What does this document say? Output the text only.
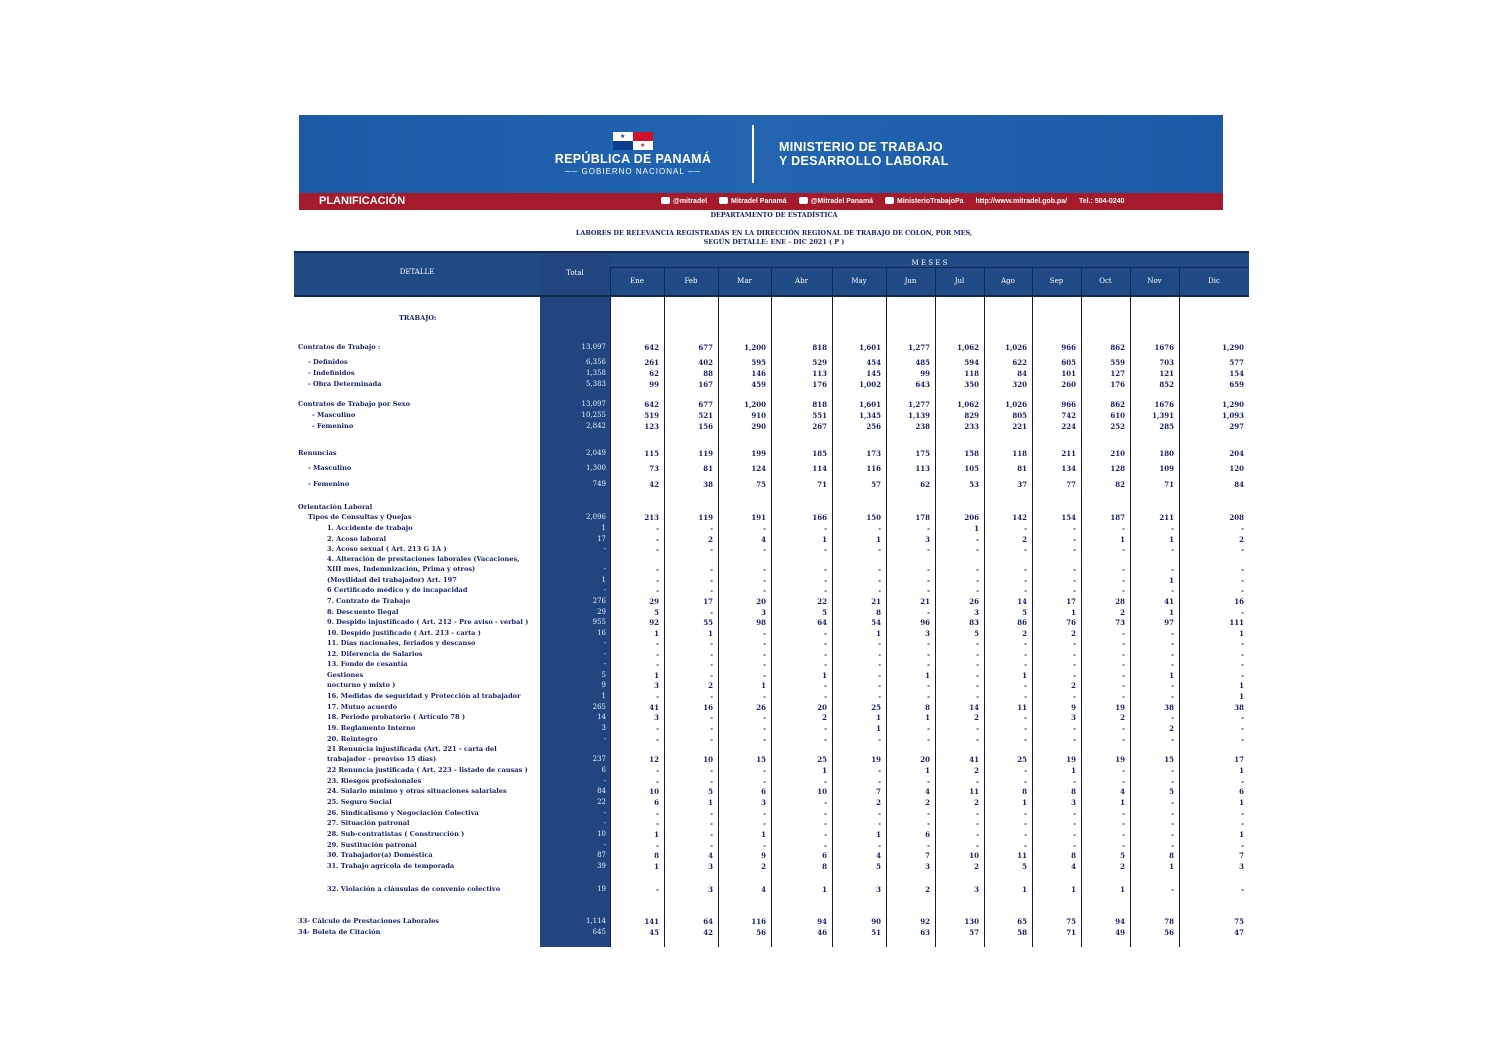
★
★
REPÚBLICA DE PANAMÁ
── GOBIERNO NACIONAL ──
MINISTERIO DE TRABAJO
Y DESARROLLO LABORAL
PLANIFICACIÓN	@mitradel	Mitradel Panamá	@Mitradel Panamá	MinisterioTrabajoPa http://www.mitradel.gob.pa/ Tel.: 504-0240
DEPARTAMENTO DE ESTADÍSTICA
LABORES DE RELEVANCIA REGISTRADAS EN LA DIRECCIÓN REGIONAL DE TRABAJO DE COLON, POR MES,
SEGÚN DETALLE: ENE - DIC 2021 ( P )
DETALLE	Total
M E S E S
Ene	Feb	Mar	Abr	May	Jun	Jul	Ago	Sep	Oct	Nov	Dic
TRABAJO:
Contratos de Trabajo :	13,097	642	677	1,200	818	1,601	1,277	1,062	1,026	966	862	1676	1,290
- Definidos	6,356	261	402	595	529	454	485	594	622	605	559	703	577
- Indefinidos	1,358	62	88	146	113	145	99	118	84	101	127	121	154
- Obra Determinada	5,383	99	167	459	176	1,002	643	350	320	260	176	852	659
Contratos de Trabajo por Sexo	13,097	642	677	1,200	818	1,601	1,277	1,062	1,026	966	862	1676	1,290
- Masculino	10,255	519	521	910	551	1,345	1,139	829	805	742	610	1,391	1,093
- Femenino	2,842	123	156	290	267	256	238	233	221	224	252	285	297
Renuncias	2,049	115	119	199	185	173	175	158	118	211	210	180	204
- Masculino	1,300	73	81	124	114	116	113	105	81	134	128	109	120
- Femenino	749	42	38	75	71	57	62	53	37	77	82	71	84
Orientación Laboral
Tipos de Consultas y Quejas	2,096	213	119	191	166	150	178	206	142	154	187	211	208
1. Accidente de trabajo	1	-	-	-	-	-	-	1	-	-	-	-	-
2. Acoso laboral	17	-	2	4	1	1	3	-	2	-	1	1	2
3. Acoso sexual ( Art. 213 G 1A )	-	-	-	-	-	-	-	-	-	-	-	-	-
4. Alteración de prestaciones laborales (Vacaciones,
XIII mes, Indemnización, Prima y otros)	-	-	-	-	-	-	-	-	-	-	-	-	-
(Movilidad del trabajador) Art. 197	1	-	-	-	-	-	-	-	-	-	-	1	-
6 Certificado médico y de incapacidad	-	-	-	-	-	-	-	-	-	-	-	-	-
7. Contrato de Trabajo	276	29	17	20	22	21	21	26	14	17	28	41	16
8. Descuento Ilegal	29	5	-	3	5	8	-	3	5	1	2	1	-
9. Despido injustificado ( Art. 212 - Pre aviso - verbal )	955	92	55	98	64	54	96	83	86	76	73	97	111
10. Despido justificado ( Art. 213 - carta )	16	1	1	-	-	1	3	5	2	2	-	-	1
11. Días nacionales, feriados y descanso	-	-	-	-	-	-	-	-	-	-	-	-	-
12. Diferencia de Salarios	-	-	-	-	-	-	-	-	-	-	-	-	-
13. Fondo de cesantía	-	-	-	-	-	-	-	-	-	-	-	-	-
Gestiones	5	1	-	-	1	-	1	-	1	-	-	1	-
nocturno y mixto )	9	3	2	1	-	-	-	-	-	2	-	-	1
16. Medidas de seguridad y Protección al trabajador	1	-	-	-	-	-	-	-	-	-	-	-	1
17. Mutuo acuerdo	265	41	16	26	20	25	8	14	11	9	19	38	38
18. Periodo probatorio ( Artículo 78 )	14	3	-	-	2	1	1	2	-	3	2	-	-
19. Reglamento Interno	3	-	-	-	-	1	-	-	-	-	-	2	-
20. Reintegro	-	-	-	-	-	-	-	-	-	-	-	-	-
21 Renuncia injustificada (Art. 221 - carta del
trabajador - preaviso 15 días)	237	12	10	15	25	19	20	41	25	19	19	15	17
22 Renuncia justificada ( Art. 223 - listado de causas )	6	-	-	-	1	-	1	2	-	1	-	-	1
23. Riesgos profesionales	-	-	-	-	-	-	-	-	-	-	-	-	-
24. Salario mínimo y otras situaciones salariales	84	10	5	6	10	7	4	11	8	8	4	5	6
25. Seguro Social	22	6	1	3	-	2	2	2	1	3	1	-	1
26. Sindicalismo y Negociación Colectiva	-	-	-	-	-	-	-	-	-	-	-	-	-
27. Situación patronal	-	-	-	-	-	-	-	-	-	-	-	-	-
28. Sub-contratistas ( Construcción )	10	1	-	1	-	1	6	-	-	-	-	-	1
29. Sustitución patronal	-	-	-	-	-	-	-	-	-	-	-	-	-
30. Trabajador(a) Doméstica	87	8	4	9	6	4	7	10	11	8	5	8	7
31. Trabajo agrícola de temporada	39	1	3	2	8	5	3	2	5	4	2	1	3
32. Violación a cláusulas de convenio colectivo	19	-	3	4	1	3	2	3	1	1	1	-	-
33- Cálculo de Prestaciones Laborales	1,114	141	64	116	94	90	92	130	65	75	94	78	75
34- Boleta de Citación	645	45	42	56	46	51	63	57	58	71	49	56	47
